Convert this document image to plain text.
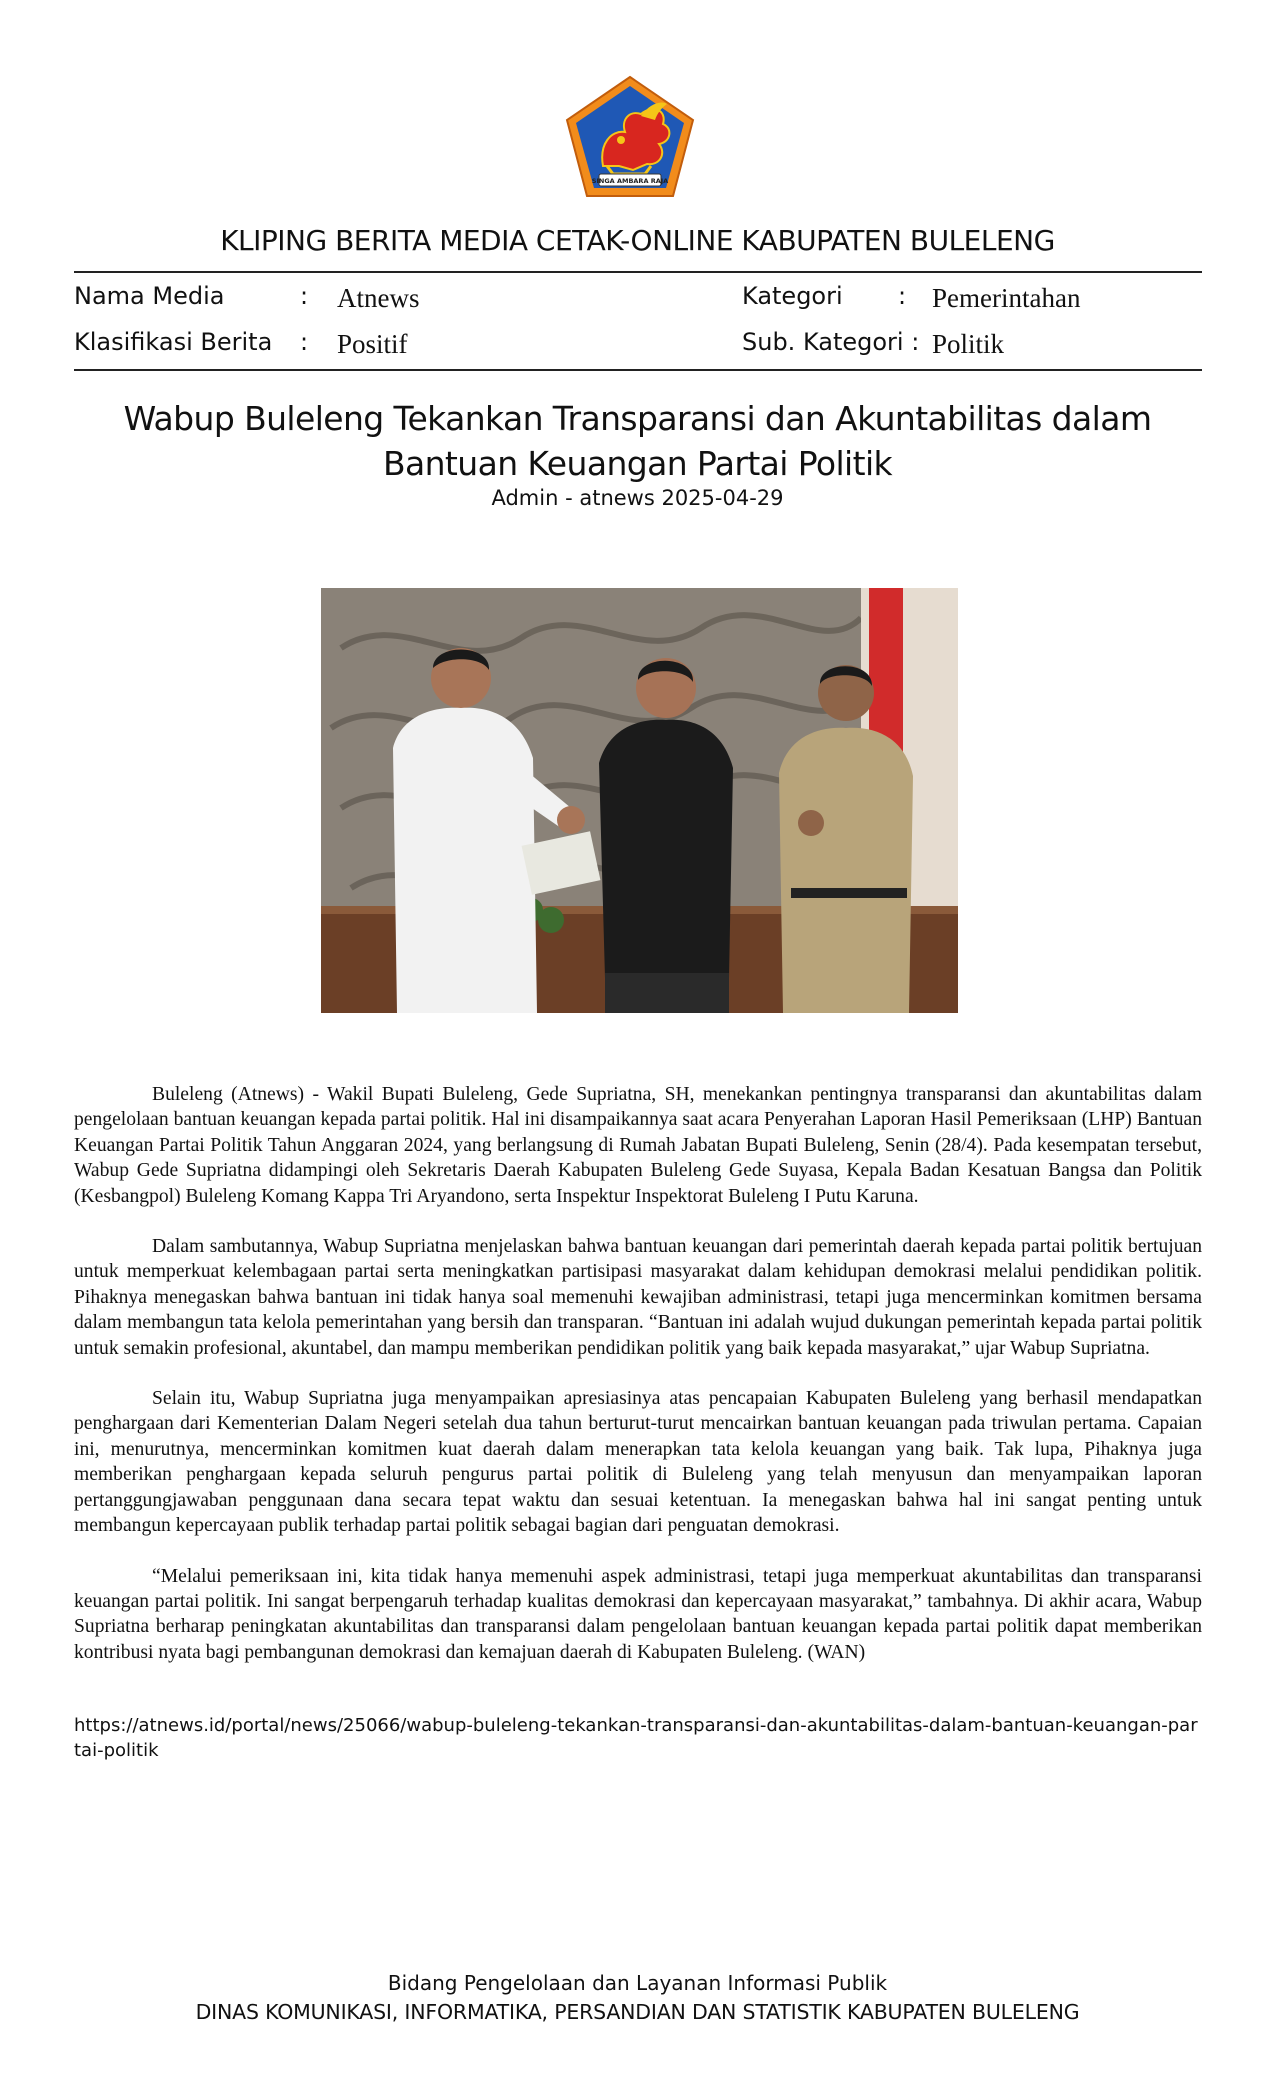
SINGA AMBARA RAJA
KLIPING BERITA MEDIA CETAK-ONLINE KABUPATEN BULELENG
Nama Media	: Atnews	Kategori : Pemerintahan
Klasifikasi Berita : Positif	Sub. Kategori : Politik
Wabup Buleleng Tekankan Transparansi dan Akuntabilitas dalam Bantuan Keuangan Partai Politik
Admin - atnews 2025-04-29

Buleleng (Atnews) - Wakil Bupati Buleleng, Gede Supriatna, SH, menekankan pentingnya transparansi dan akuntabilitas dalam pengelolaan bantuan keuangan kepada partai politik. Hal ini disampaikannya saat acara Penyerahan Laporan Hasil Pemeriksaan (LHP) Bantuan Keuangan Partai Politik Tahun Anggaran 2024, yang berlangsung di Rumah Jabatan Bupati Buleleng, Senin (28/4). Pada kesempatan tersebut, Wabup Gede Supriatna didampingi oleh Sekretaris Daerah Kabupaten Buleleng Gede Suyasa, Kepala Badan Kesatuan Bangsa dan Politik (Kesbangpol) Buleleng Komang Kappa Tri Aryandono, serta Inspektur Inspektorat Buleleng I Putu Karuna.

Dalam sambutannya, Wabup Supriatna menjelaskan bahwa bantuan keuangan dari pemerintah daerah kepada partai politik bertujuan untuk memperkuat kelembagaan partai serta meningkatkan partisipasi masyarakat dalam kehidupan demokrasi melalui pendidikan politik. Pihaknya menegaskan bahwa bantuan ini tidak hanya soal memenuhi kewajiban administrasi, tetapi juga mencerminkan komitmen bersama dalam membangun tata kelola pemerintahan yang bersih dan transparan. “Bantuan ini adalah wujud dukungan pemerintah kepada partai politik untuk semakin profesional, akuntabel, dan mampu memberikan pendidikan politik yang baik kepada masyarakat,” ujar Wabup Supriatna.

Selain itu, Wabup Supriatna juga menyampaikan apresiasinya atas pencapaian Kabupaten Buleleng yang berhasil mendapatkan penghargaan dari Kementerian Dalam Negeri setelah dua tahun berturut-turut mencairkan bantuan keuangan pada triwulan pertama. Capaian ini, menurutnya, mencerminkan komitmen kuat daerah dalam menerapkan tata kelola keuangan yang baik. Tak lupa, Pihaknya juga memberikan penghargaan kepada seluruh pengurus partai politik di Buleleng yang telah menyusun dan menyampaikan laporan pertanggungjawaban penggunaan dana secara tepat waktu dan sesuai ketentuan. Ia menegaskan bahwa hal ini sangat penting untuk membangun kepercayaan publik terhadap partai politik sebagai bagian dari penguatan demokrasi.

“Melalui pemeriksaan ini, kita tidak hanya memenuhi aspek administrasi, tetapi juga memperkuat akuntabilitas dan transparansi keuangan partai politik. Ini sangat berpengaruh terhadap kualitas demokrasi dan kepercayaan masyarakat,” tambahnya. Di akhir acara, Wabup Supriatna berharap peningkatan akuntabilitas dan transparansi dalam pengelolaan bantuan keuangan kepada partai politik dapat memberikan kontribusi nyata bagi pembangunan demokrasi dan kemajuan daerah di Kabupaten Buleleng. (WAN)

https://atnews.id/portal/news/25066/wabup-buleleng-tekankan-transparansi-dan-akuntabilitas-dalam-bantuan-keuangan-partai-politik
Bidang Pengelolaan dan Layanan Informasi Publik
DINAS KOMUNIKASI, INFORMATIKA, PERSANDIAN DAN STATISTIK KABUPATEN BULELENG
